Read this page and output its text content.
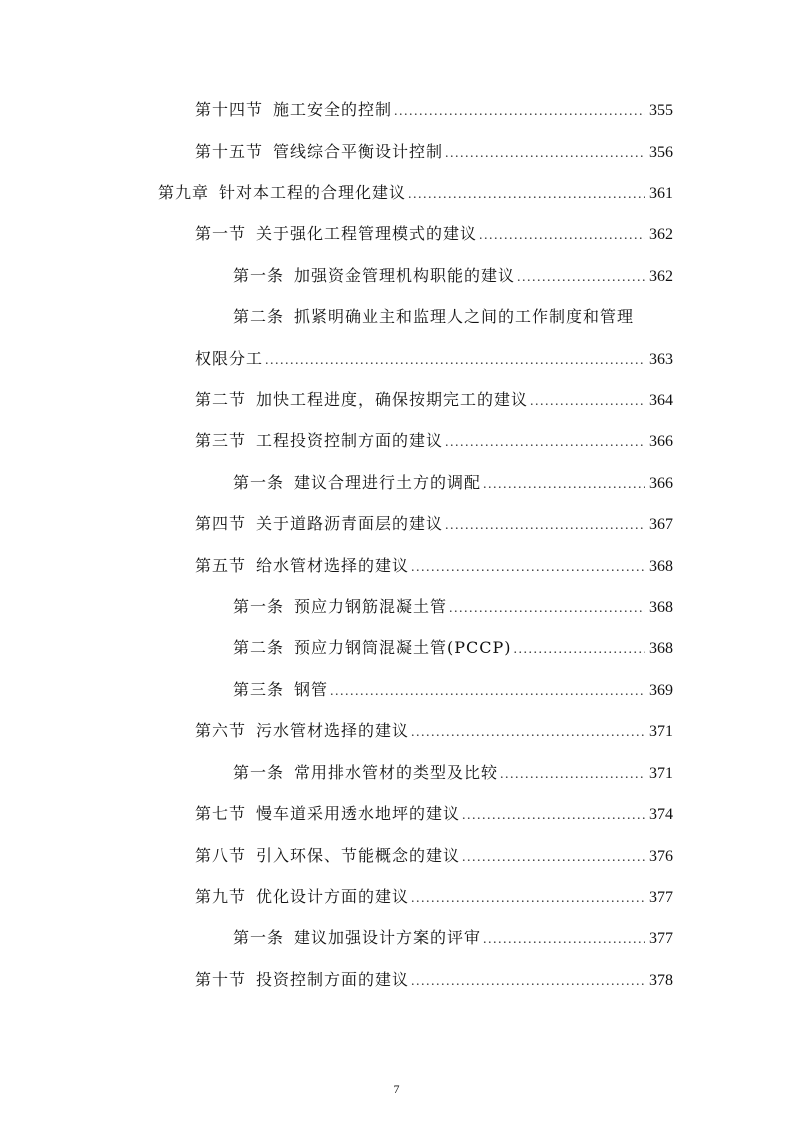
第十四节 施工安全的控制 . . .	355
第十五节 管线综合平衡设计控制 . . .	356
第九章 针对本工程的合理化建议 . . .	361
第一节 关于强化工程管理模式的建议 . . .	362
第一条 加强资金管理机构职能的建议 . . .	362
第二条 抓紧明确业主和监理人之间的工作制度和管理
权限分工 . . .	363
第二节 加快工程进度，确保按期完工的建议 . . .	364
第三节 工程投资控制方面的建议 . . .	366
第一条 建议合理进行土方的调配 . . .	366
第四节 关于道路沥青面层的建议 . . .	367
第五节 给水管材选择的建议 . . .	368
第一条 预应力钢筋混凝土管 . . .	368
第二条 预应力钢筒混凝土管(PCCP) . . .	368
第三条 钢管 . . .	369
第六节 污水管材选择的建议 . . .	371
第一条 常用排水管材的类型及比较 . . .	371
第七节 慢车道采用透水地坪的建议 . . .	374
第八节 引入环保、节能概念的建议 . . .	376
第九节 优化设计方面的建议 . . .	377
第一条 建议加强设计方案的评审 . . .	377
第十节 投资控制方面的建议 . . .	378
7
